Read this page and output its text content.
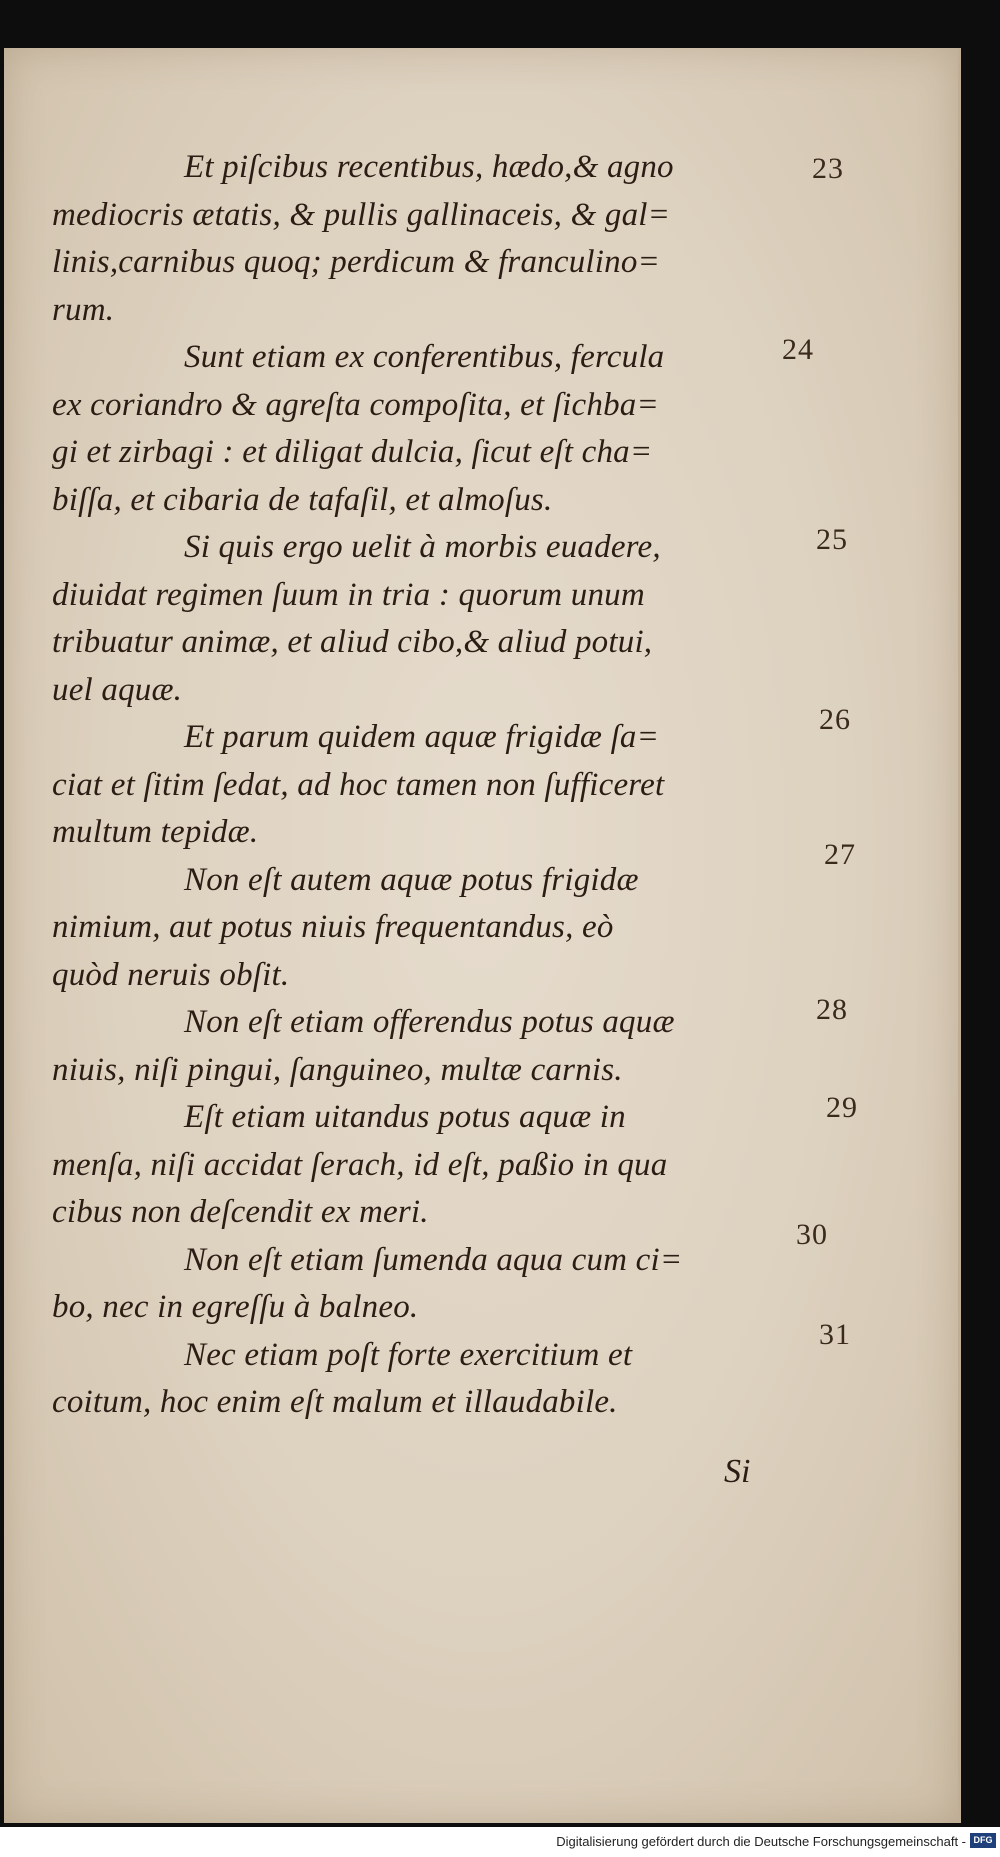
Et piſcibus recentibus, hædo,& agno
mediocris ætatis, & pullis gallinaceis, & gal=
linis,carnibus quoq; perdicum & franculino=
rum.

Sunt etiam ex conferentibus, fercula
ex coriandro & agreſta compoſita, et ſichba=
gi et zirbagi : et diligat dulcia, ſicut eſt cha=
biſſa, et cibaria de tafaſil, et almoſus.

Si quis ergo uelit à morbis euadere,
diuidat regimen ſuum in tria : quorum unum
tribuatur animæ, et aliud cibo,& aliud potui,
uel aquæ.

Et parum quidem aquæ frigidæ ſa=
ciat et ſitim ſedat, ad hoc tamen non ſufficeret
multum tepidæ.

Non eſt autem aquæ potus frigidæ
nimium, aut potus niuis frequentandus, eò
quòd neruis obſit.

Non eſt etiam offerendus potus aquæ
niuis, niſi pingui, ſanguineo, multæ carnis.

Eſt etiam uitandus potus aquæ in
menſa, niſi accidat ſerach, id eſt, paßio in qua
cibus non deſcendit ex meri.

Non eſt etiam ſumenda aqua cum ci=
bo, nec in egreſſu à balneo.

Nec etiam poſt forte exercitium et
coitum, hoc enim eſt malum et illaudabile.

23
24
25
26
27
28
29
30
31
Si
Digitalisierung gefördert durch die Deutsche Forschungsgemeinschaft - DFG
